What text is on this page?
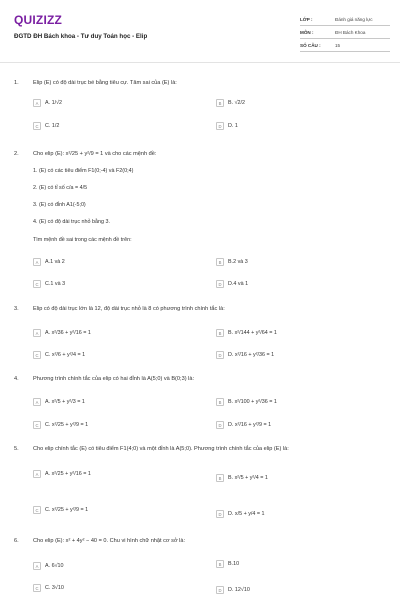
QUIZIZZ
ĐGTD ĐH Bách khoa - Tư duy Toán học - Elip
LỚP :	Đánh giá năng lực
MÔN :	ĐH Bách Khoa
SỐ CÂU :	15
1.	Elip (E) có độ dài trục bé bằng tiêu cự. Tâm sai của (E) là:
A	A. 1/√2	B	B. √2/2
C	C. 1/2	D	D. 1
2.	Cho elip (E): x²/25 + y²/9 = 1 và cho các mệnh đề:
1. (E) có các tiêu điểm F1(0;-4) và F2(0;4)
2. (E) có tỉ số c/a = 4/5
3. (E) có đỉnh A1(-5;0)
4. (E) có độ dài trục nhỏ bằng 3.
Tìm mệnh đề sai trong các mệnh đề trên:
A	A.1 và 2	B	B.2 và 3
C	C.1 và 3	D	D.4 và 1
3.	Elip có độ dài trục lớn là 12, độ dài trục nhỏ là 8 có phương trình chính tắc là:
A	A. x²/36 + y²/16 = 1	B	B. x²/144 + y²/64 = 1
C	C. x²/6 + y²/4 = 1	D	D. x²/16 + y²/36 = 1
4.	Phương trình chính tắc của elip có hai đỉnh là A(5;0) và B(0;3) là:
A	A. x²/5 + y²/3 = 1	B	B. x²/100 + y²/36 = 1
C	C. x²/25 + y²/9 = 1	D	D. x²/16 + y²/9 = 1
5.	Cho elip chính tắc (E) có tiêu điểm F1(4;0) và một đỉnh là A(5;0). Phương trình chính tắc của elip (E) là:
A	A. x²/25 + y²/16 = 1
B	B. x²/5 + y²/4 = 1
C	C. x²/25 + y²/9 = 1
D	D. x/5 + y/4 = 1
6.	Cho elip (E): x² + 4y² − 40 = 0. Chu vi hình chữ nhật cơ sở là:
A	A. 6√10	B	B.10
C	C. 3√10	D	D. 12√10
